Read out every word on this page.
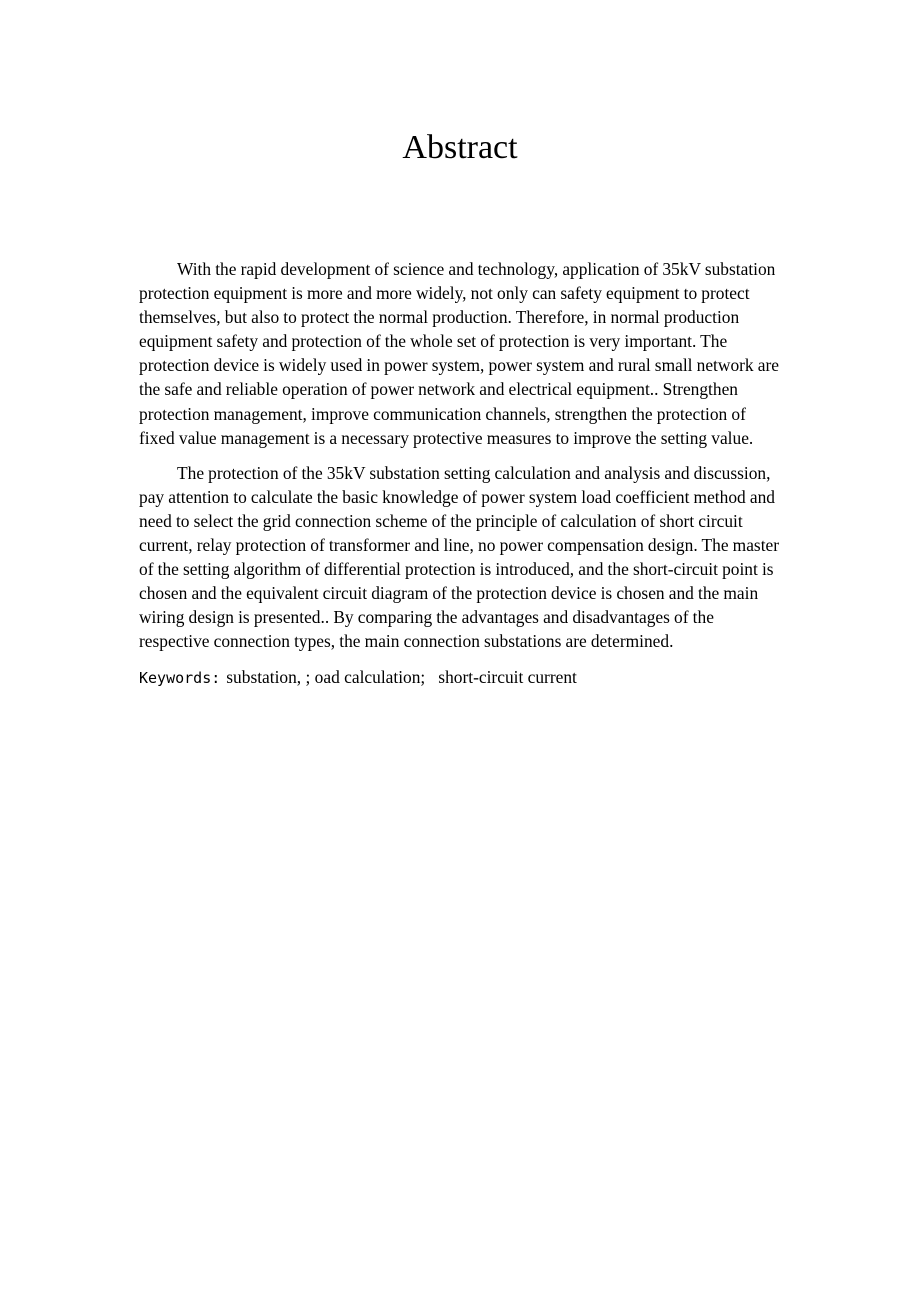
Abstract

With the rapid development of science and technology, application of 35kV substation protection equipment is more and more widely, not only can safety equipment to protect themselves, but also to protect the normal production. Therefore, in normal production equipment safety and protection of the whole set of protection is very important. The protection device is widely used in power system, power system and rural small network are the safe and reliable operation of power network and electrical equipment.. Strengthen protection management, improve communication channels, strengthen the protection of fixed value management is a necessary protective measures to improve the setting value.

The protection of the 35kV substation setting calculation and analysis and discussion, pay attention to calculate the basic knowledge of power system load coefficient method and need to select the grid connection scheme of the principle of calculation of short circuit current, relay protection of transformer and line, no power compensation design. The master of the setting algorithm of differential protection is introduced, and the short-circuit point is chosen and the equivalent circuit diagram of the protection device is chosen and the main wiring design is presented.. By comparing the advantages and disadvantages of the respective connection types, the main connection substations are determined.

Keywords: substation, ; oad calculation;   short-circuit current
